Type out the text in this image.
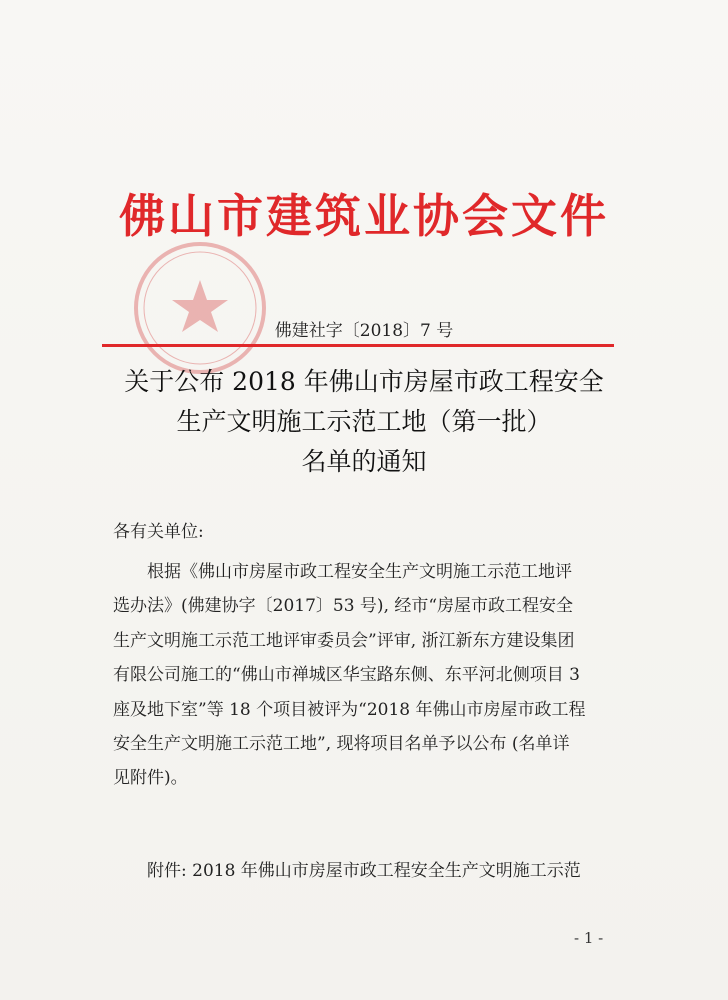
佛山市建筑业协会文件
佛建社字〔2018〕7 号
关于公布 2018 年佛山市房屋市政工程安全
生产文明施工示范工地（第一批）
名单的通知
各有关单位:
根据《佛山市房屋市政工程安全生产文明施工示范工地评
选办法》(佛建协字〔2017〕53 号), 经市“房屋市政工程安全
生产文明施工示范工地评审委员会”评审, 浙江新东方建设集团
有限公司施工的“佛山市禅城区华宝路东侧、东平河北侧项目 3
座及地下室”等 18 个项目被评为“2018 年佛山市房屋市政工程
安全生产文明施工示范工地”, 现将项目名单予以公布 (名单详
见附件)。
附件: 2018 年佛山市房屋市政工程安全生产文明施工示范
- 1 -
